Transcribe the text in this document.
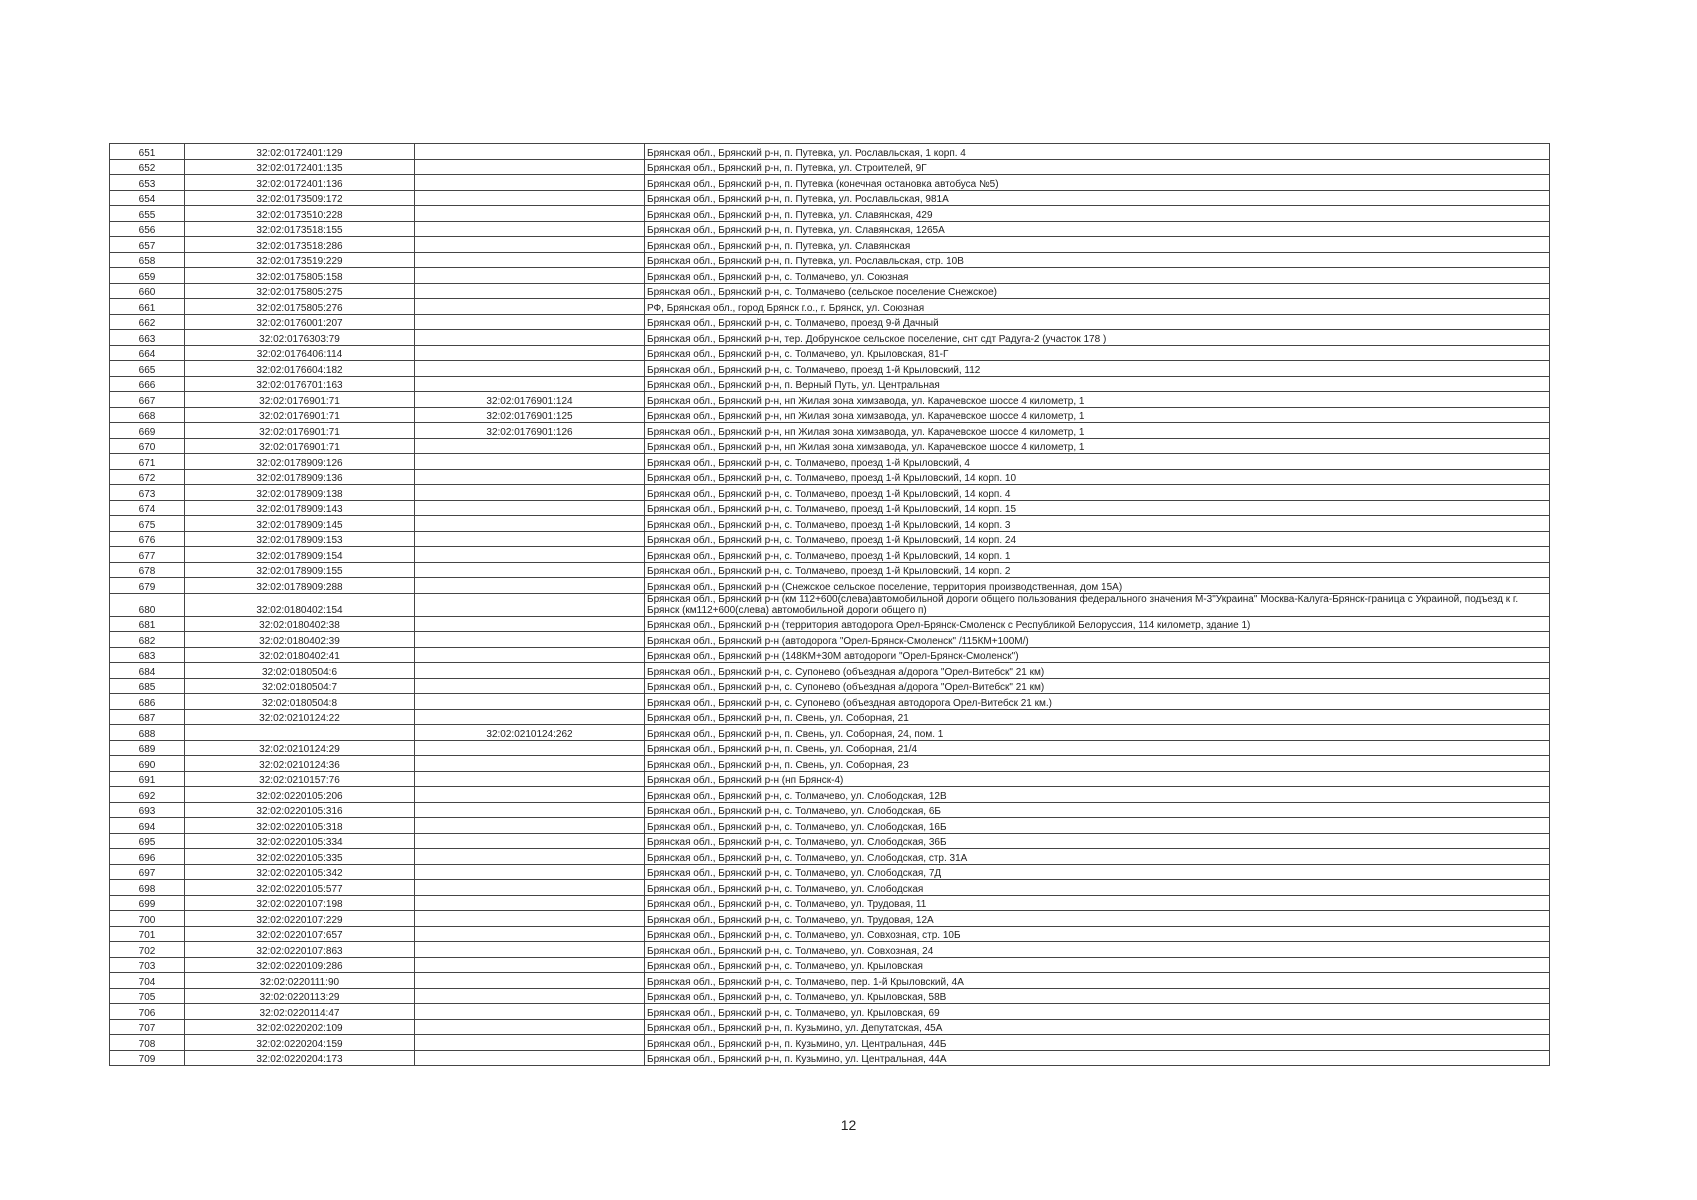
651	32:02:0172401:129		Брянская обл., Брянский р-н, п. Путевка, ул. Рославльская, 1 корп. 4
652	32:02:0172401:135		Брянская обл., Брянский р-н, п. Путевка, ул. Строителей, 9Г
653	32:02:0172401:136		Брянская обл., Брянский р-н, п. Путевка (конечная остановка автобуса №5)
654	32:02:0173509:172		Брянская обл., Брянский р-н, п. Путевка, ул. Рославльская, 981А
655	32:02:0173510:228		Брянская обл., Брянский р-н, п. Путевка, ул. Славянская, 429
656	32:02:0173518:155		Брянская обл., Брянский р-н, п. Путевка, ул. Славянская, 1265А
657	32:02:0173518:286		Брянская обл., Брянский р-н, п. Путевка, ул. Славянская
658	32:02:0173519:229		Брянская обл., Брянский р-н, п. Путевка, ул. Рославльская, стр. 10В
659	32:02:0175805:158		Брянская обл., Брянский р-н, с. Толмачево, ул. Союзная
660	32:02:0175805:275		Брянская обл., Брянский р-н, с. Толмачево (сельское поселение Снежское)
661	32:02:0175805:276		РФ, Брянская обл., город Брянск г.о., г. Брянск, ул. Союзная
662	32:02:0176001:207		Брянская обл., Брянский р-н, с. Толмачево, проезд 9-й Дачный
663	32:02:0176303:79		Брянская обл., Брянский р-н, тер. Добрунское сельское поселение, снт сдт Радуга-2 (участок 178 )
664	32:02:0176406:114		Брянская обл., Брянский р-н, с. Толмачево, ул. Крыловская, 81-Г
665	32:02:0176604:182		Брянская обл., Брянский р-н, с. Толмачево, проезд 1-й Крыловский, 112
666	32:02:0176701:163		Брянская обл., Брянский р-н, п. Верный Путь, ул. Центральная
667	32:02:0176901:71	32:02:0176901:124	Брянская обл., Брянский р-н, нп Жилая зона химзавода, ул. Карачевское шоссе 4 километр, 1
668	32:02:0176901:71	32:02:0176901:125	Брянская обл., Брянский р-н, нп Жилая зона химзавода, ул. Карачевское шоссе 4 километр, 1
669	32:02:0176901:71	32:02:0176901:126	Брянская обл., Брянский р-н, нп Жилая зона химзавода, ул. Карачевское шоссе 4 километр, 1
670	32:02:0176901:71		Брянская обл., Брянский р-н, нп Жилая зона химзавода, ул. Карачевское шоссе 4 километр, 1
671	32:02:0178909:126		Брянская обл., Брянский р-н, с. Толмачево, проезд 1-й Крыловский, 4
672	32:02:0178909:136		Брянская обл., Брянский р-н, с. Толмачево, проезд 1-й Крыловский, 14 корп. 10
673	32:02:0178909:138		Брянская обл., Брянский р-н, с. Толмачево, проезд 1-й Крыловский, 14 корп. 4
674	32:02:0178909:143		Брянская обл., Брянский р-н, с. Толмачево, проезд 1-й Крыловский, 14 корп. 15
675	32:02:0178909:145		Брянская обл., Брянский р-н, с. Толмачево, проезд 1-й Крыловский, 14 корп. 3
676	32:02:0178909:153		Брянская обл., Брянский р-н, с. Толмачево, проезд 1-й Крыловский, 14 корп. 24
677	32:02:0178909:154		Брянская обл., Брянский р-н, с. Толмачево, проезд 1-й Крыловский, 14 корп. 1
678	32:02:0178909:155		Брянская обл., Брянский р-н, с. Толмачево, проезд 1-й Крыловский, 14 корп. 2
679	32:02:0178909:288		Брянская обл., Брянский р-н (Снежское сельское поселение, территория производственная, дом 15А)
680	32:02:0180402:154		Брянская обл., Брянский р-н (км 112+600(слева)автомобильной дороги общего пользования федерального значения М-3"Украина" Москва-Калуга-Брянск-граница с Украиной, подъезд к г. Брянск (км112+600(слева) автомобильной дороги общего п)
681	32:02:0180402:38		Брянская обл., Брянский р-н (территория автодорога Орел-Брянск-Смоленск с Республикой Белоруссия, 114 километр, здание 1)
682	32:02:0180402:39		Брянская обл., Брянский р-н (автодорога "Орел-Брянск-Смоленск" /115КМ+100М/)
683	32:02:0180402:41		Брянская обл., Брянский р-н (148КМ+30М автодороги "Орел-Брянск-Смоленск")
684	32:02:0180504:6		Брянская обл., Брянский р-н, с. Супонево (объездная а/дорога "Орел-Витебск" 21 км)
685	32:02:0180504:7		Брянская обл., Брянский р-н, с. Супонево (объездная а/дорога "Орел-Витебск" 21 км)
686	32:02:0180504:8		Брянская обл., Брянский р-н, с. Супонево (объездная автодорога Орел-Витебск 21 км.)
687	32:02:0210124:22		Брянская обл., Брянский р-н, п. Свень, ул. Соборная, 21
688		32:02:0210124:262	Брянская обл., Брянский р-н, п. Свень, ул. Соборная, 24, пом. 1
689	32:02:0210124:29		Брянская обл., Брянский р-н, п. Свень, ул. Соборная, 21/4
690	32:02:0210124:36		Брянская обл., Брянский р-н, п. Свень, ул. Соборная, 23
691	32:02:0210157:76		Брянская обл., Брянский р-н (нп Брянск-4)
692	32:02:0220105:206		Брянская обл., Брянский р-н, с. Толмачево, ул. Слободская, 12В
693	32:02:0220105:316		Брянская обл., Брянский р-н, с. Толмачево, ул. Слободская, 6Б
694	32:02:0220105:318		Брянская обл., Брянский р-н, с. Толмачево, ул. Слободская, 16Б
695	32:02:0220105:334		Брянская обл., Брянский р-н, с. Толмачево, ул. Слободская, 36Б
696	32:02:0220105:335		Брянская обл., Брянский р-н, с. Толмачево, ул. Слободская, стр. 31А
697	32:02:0220105:342		Брянская обл., Брянский р-н, с. Толмачево, ул. Слободская, 7Д
698	32:02:0220105:577		Брянская обл., Брянский р-н, с. Толмачево, ул. Слободская
699	32:02:0220107:198		Брянская обл., Брянский р-н, с. Толмачево, ул. Трудовая, 11
700	32:02:0220107:229		Брянская обл., Брянский р-н, с. Толмачево, ул. Трудовая, 12А
701	32:02:0220107:657		Брянская обл., Брянский р-н, с. Толмачево, ул. Совхозная, стр. 10Б
702	32:02:0220107:863		Брянская обл., Брянский р-н, с. Толмачево, ул. Совхозная, 24
703	32:02:0220109:286		Брянская обл., Брянский р-н, с. Толмачево, ул. Крыловская
704	32:02:0220111:90		Брянская обл., Брянский р-н, с. Толмачево, пер. 1-й Крыловский, 4А
705	32:02:0220113:29		Брянская обл., Брянский р-н, с. Толмачево, ул. Крыловская, 58В
706	32:02:0220114:47		Брянская обл., Брянский р-н, с. Толмачево, ул. Крыловская, 69
707	32:02:0220202:109		Брянская обл., Брянский р-н, п. Кузьмино, ул. Депутатская, 45А
708	32:02:0220204:159		Брянская обл., Брянский р-н, п. Кузьмино, ул. Центральная, 44Б
709	32:02:0220204:173		Брянская обл., Брянский р-н, п. Кузьмино, ул. Центральная, 44А
12
